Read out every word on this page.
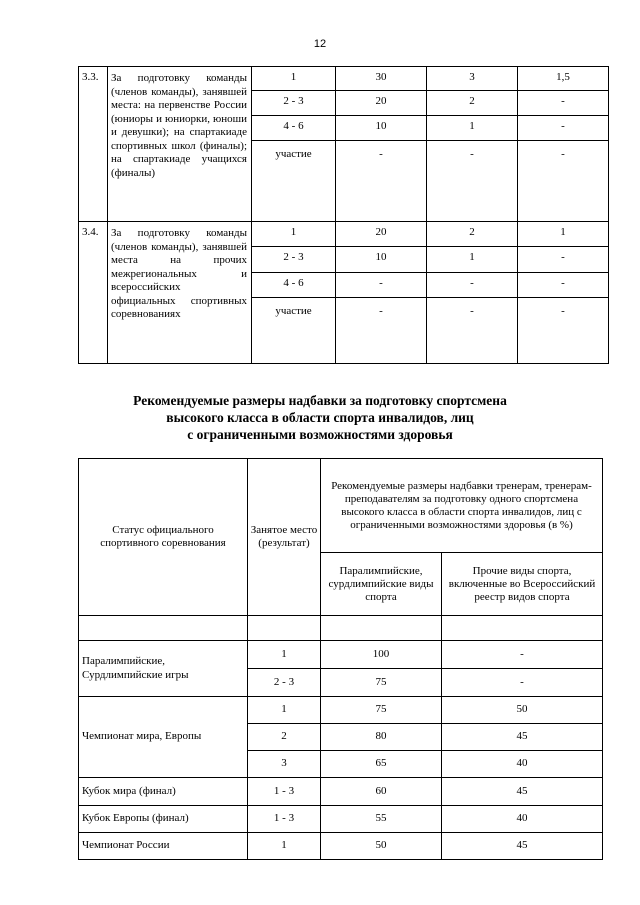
12
3.3.	За подготовку команды (членов команды), занявшей места: на первенстве России (юниоры и юниорки, юноши и девушки); на спартакиаде спортивных школ (финалы); на спартакиаде учащихся (финалы)	1	30	3	1,5
		2 - 3	20	2	-
		4 - 6	10	1	-
		участие	-	-	-
3.4.	За подготовку команды (членов команды), занявшей места на прочих межрегиональных и всероссийских официальных спортивных соревнованиях	1	20	2	1
		2 - 3	10	1	-
		4 - 6	-	-	-
		участие	-	-	-
Рекомендуемые размеры надбавки за подготовку спортсмена
высокого класса в области спорта инвалидов, лиц
с ограниченными возможностями здоровья
Статус официального спортивного соревнования	Занятое место (результат)	Рекомендуемые размеры надбавки тренерам, тренерам-преподавателям за подготовку одного спортсмена высокого класса в области спорта инвалидов, лиц с ограниченными возможностями здоровья (в %)	
		Паралимпийские, сурдлимпийские виды спорта	Прочие виды спорта, включенные во Всероссийский реестр видов спорта

Паралимпийские, Сурдлимпийские игры	1	100	-
	2 - 3	75	-
Чемпионат мира, Европы	1	75	50
	2	80	45
	3	65	40
Кубок мира (финал)	1 - 3	60	45
Кубок Европы (финал)	1 - 3	55	40
Чемпионат России	1	50	45
